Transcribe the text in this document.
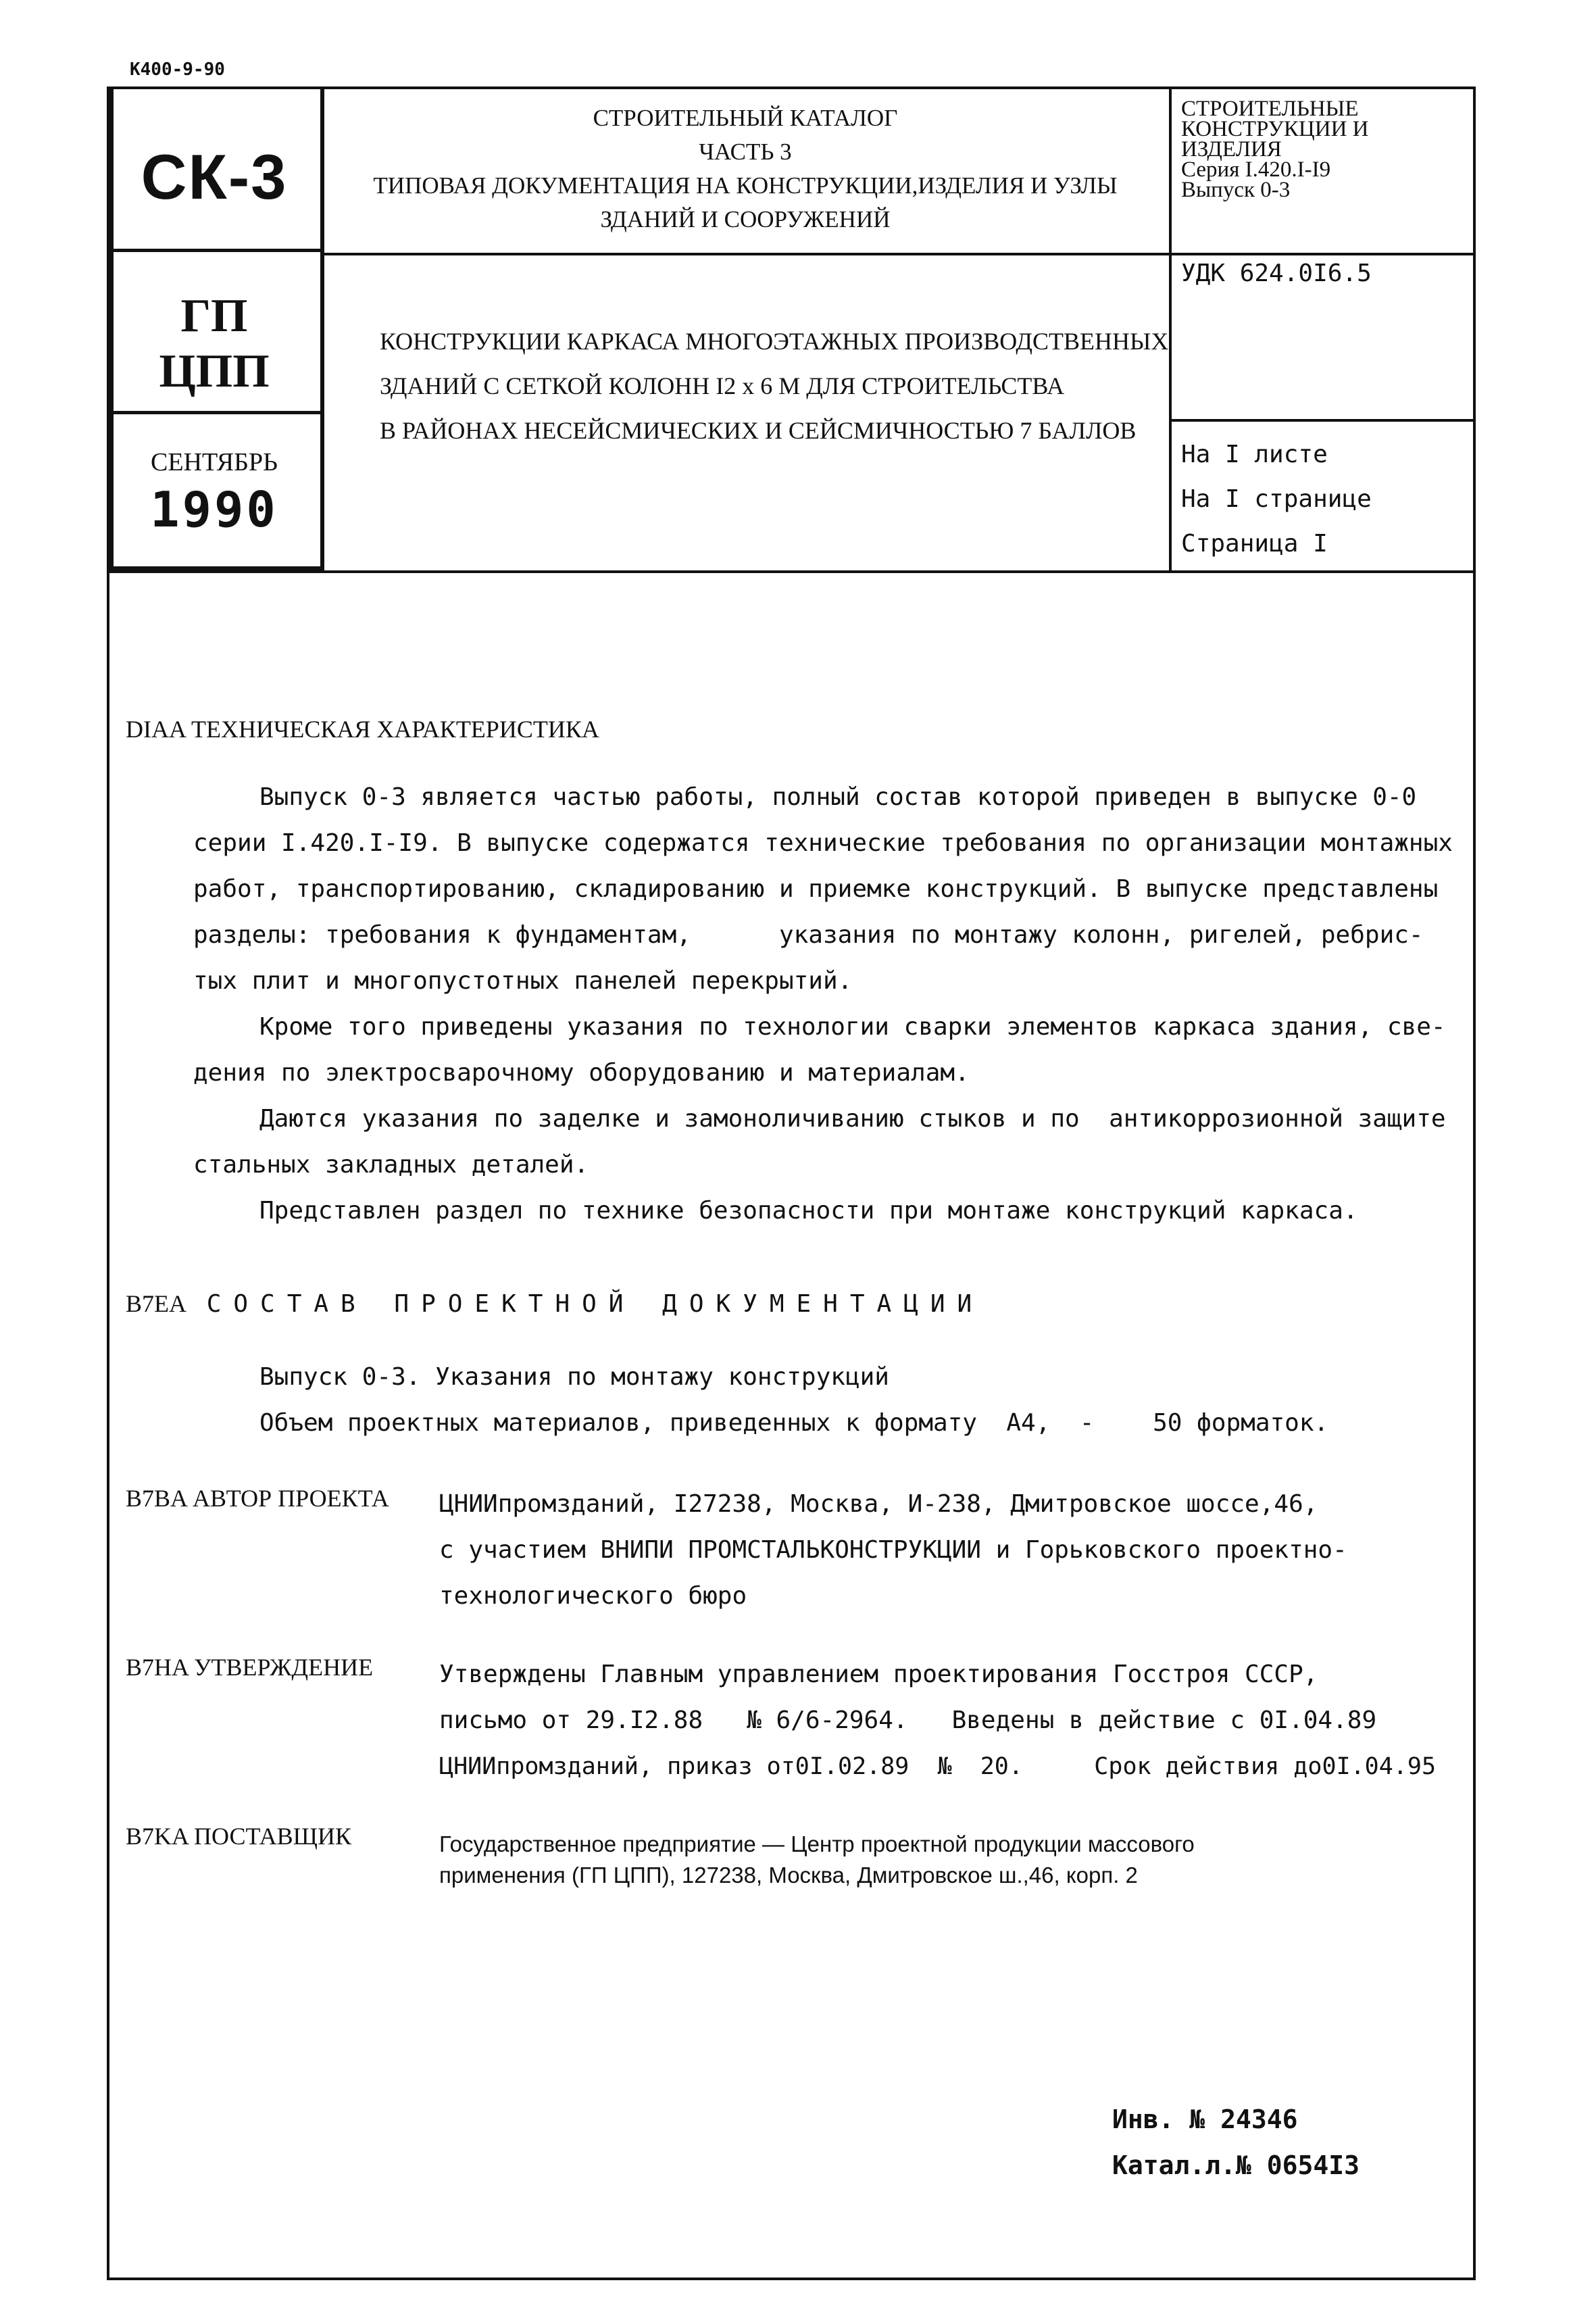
К400-9-90
СК-3
ГП
ЦПП
СЕНТЯБРЬ
1990
СТРОИТЕЛЬНЫЙ КАТАЛОГ
ЧАСТЬ 3
ТИПОВАЯ ДОКУМЕНТАЦИЯ НА КОНСТРУКЦИИ,ИЗДЕЛИЯ И УЗЛЫ
ЗДАНИЙ И СООРУЖЕНИЙ
КОНСТРУКЦИИ КАРКАСА МНОГОЭТАЖНЫХ ПРОИЗВОДСТВЕННЫХ
ЗДАНИЙ С СЕТКОЙ КОЛОНН I2 x 6 М ДЛЯ СТРОИТЕЛЬСТВА
В РАЙОНАХ НЕСЕЙСМИЧЕСКИХ И СЕЙСМИЧНОСТЬЮ 7 БАЛЛОВ
СТРОИТЕЛЬНЫЕ
КОНСТРУКЦИИ И
ИЗДЕЛИЯ
Серия I.420.I-I9
Выпуск 0-3
УДК 624.0I6.5
На I листе
На I странице
Страница I
DIAA ТЕХНИЧЕСКАЯ ХАРАКТЕРИСТИКА
Выпуск 0-3 является частью работы, полный состав которой приведен в выпуске 0-0
серии I.420.I-I9. В выпуске содержатся технические требования по организации монтажных
работ, транспортированию, складированию и приемке конструкций. В выпуске представлены
разделы: требования к фундаментам,      указания по монтажу колонн, ригелей, ребрис-
тых плит и многопустотных панелей перекрытий.
Кроме того приведены указания по технологии сварки элементов каркаса здания, све-
дения по электросварочному оборудованию и материалам.
Даются указания по заделке и замоноличиванию стыков и по  антикоррозионной защите
стальных закладных деталей.
Представлен раздел по технике безопасности при монтаже конструкций каркаса.
B7EA СОСТАВ ПРОЕКТНОЙ ДОКУМЕНТАЦИИ
Выпуск 0-3. Указания по монтажу конструкций
Объем проектных материалов, приведенных к формату  А4,  -    50 форматок.
B7BA АВТОР ПРОЕКТА ЦНИИпромзданий, I27238, Москва, И-238, Дмитровское шоссе,46,
с участием ВНИПИ ПРОМСТАЛЬКОНСТРУКЦИИ и Горьковского проектно-
технологического бюро
B7HA УТВЕРЖДЕНИЕ	Утверждены Главным управлением проектирования Госстроя СССР,
письмо от 29.I2.88   № 6/6-2964.   Введены в действие с 0I.04.89
ЦНИИпромзданий, приказ от0I.02.89  №  20.     Срок действия до0I.04.95
B7KA ПОСТАВЩИК	Государственное предприятие — Центр проектной продукции массового
применения (ГП ЦПП), 127238, Москва, Дмитровское ш.,46, корп. 2
Инв. № 24346
Катал.л.№ 0654I3
